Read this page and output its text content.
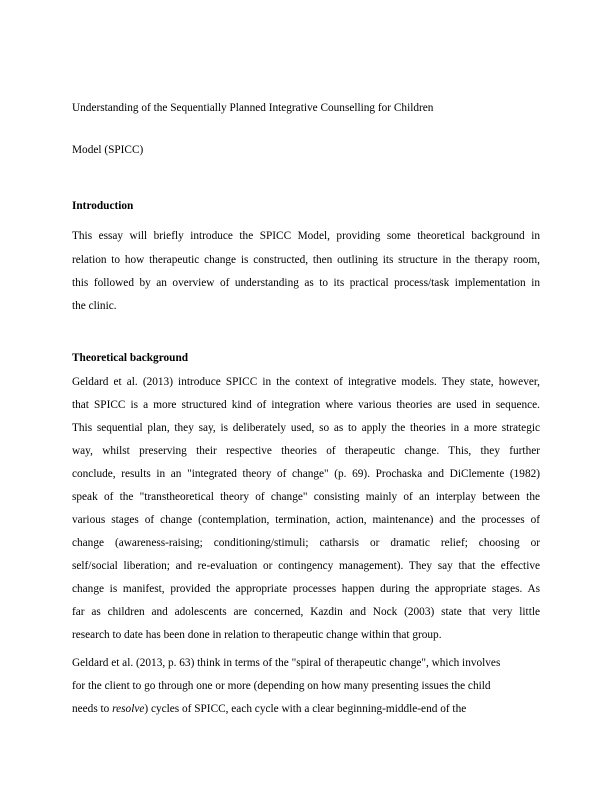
Understanding of the Sequentially Planned Integrative Counselling for Children
Model (SPICC)
Introduction
This essay will briefly introduce the SPICC Model, providing some theoretical background in
relation to how therapeutic change is constructed, then outlining its structure in the therapy room,
this followed by an overview of understanding as to its practical process/task implementation in
the clinic.
Theoretical background
Geldard et al. (2013) introduce SPICC in the context of integrative models. They state, however,
that SPICC is a more structured kind of integration where various theories are used in sequence.
This sequential plan, they say, is deliberately used, so as to apply the theories in a more strategic
way, whilst preserving their respective theories of therapeutic change. This, they further
conclude, results in an "integrated theory of change" (p. 69). Prochaska and DiClemente (1982)
speak of the "transtheoretical theory of change" consisting mainly of an interplay between the
various stages of change (contemplation, termination, action, maintenance) and the processes of
change (awareness-raising; conditioning/stimuli; catharsis or dramatic relief; choosing or
self/social liberation; and re-evaluation or contingency management). They say that the effective
change is manifest, provided the appropriate processes happen during the appropriate stages. As
far as children and adolescents are concerned, Kazdin and Nock (2003) state that very little
research to date has been done in relation to therapeutic change within that group.
Geldard et al. (2013, p. 63) think in terms of the "spiral of therapeutic change", which involves
for the client to go through one or more (depending on how many presenting issues the child
needs to resolve) cycles of SPICC, each cycle with a clear beginning-middle-end of the
